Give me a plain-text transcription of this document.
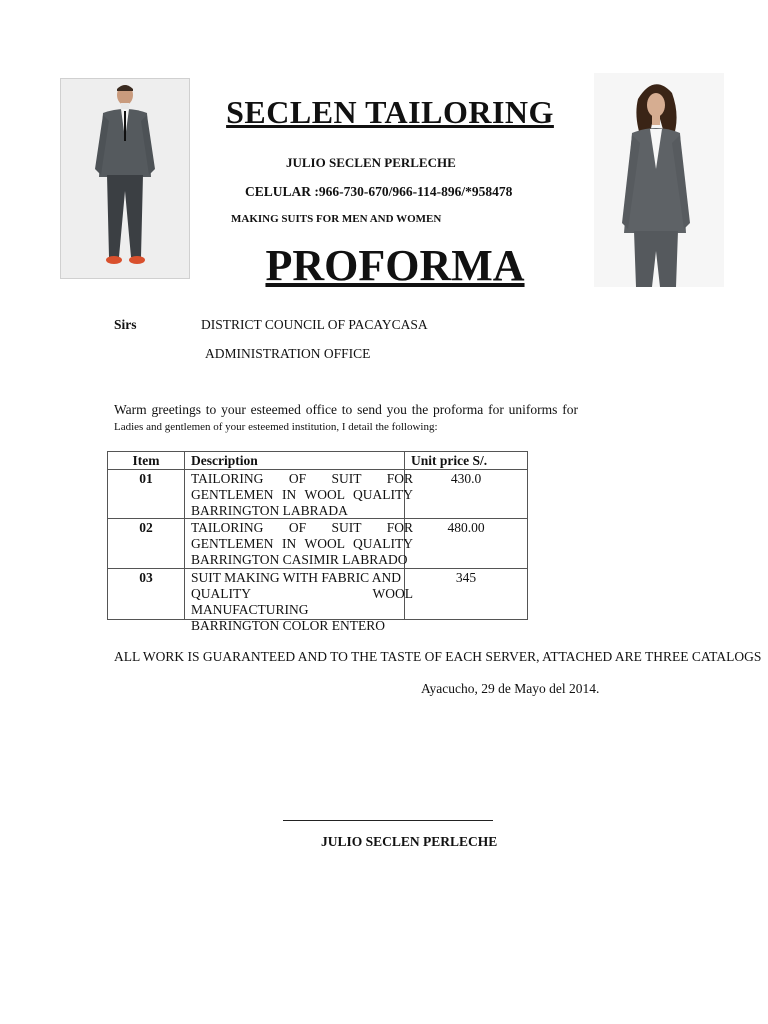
SECLEN TAILORING
JULIO SECLEN PERLECHE
CELULAR :966-730-670/966-114-896/*958478
MAKING SUITS FOR MEN AND WOMEN
PROFORMA
Sirs	DISTRICT COUNCIL OF PACAYCASA
ADMINISTRATION OFFICE
Warm greetings to your esteemed office to send you the proforma for uniforms for
Ladies and gentlemen of your esteemed institution, I detail the following:
Item	Description	Unit price S/.
01	TAILORING OF SUIT FOR
GENTLEMEN IN WOOL QUALITY
BARRINGTON LABRADA
430.0
02	TAILORING OF SUIT FOR
GENTLEMEN IN WOOL QUALITY
BARRINGTON CASIMIR LABRADO
480.00
03	SUIT MAKING WITH FABRIC AND
QUALITY WOOL MANUFACTURING
BARRINGTON COLOR ENTERO
345
ALL WORK IS GUARANTEED AND TO THE TASTE OF EACH SERVER, ATTACHED ARE THREE CATALOGS
Ayacucho, 29 de Mayo del 2014.
JULIO SECLEN PERLECHE
